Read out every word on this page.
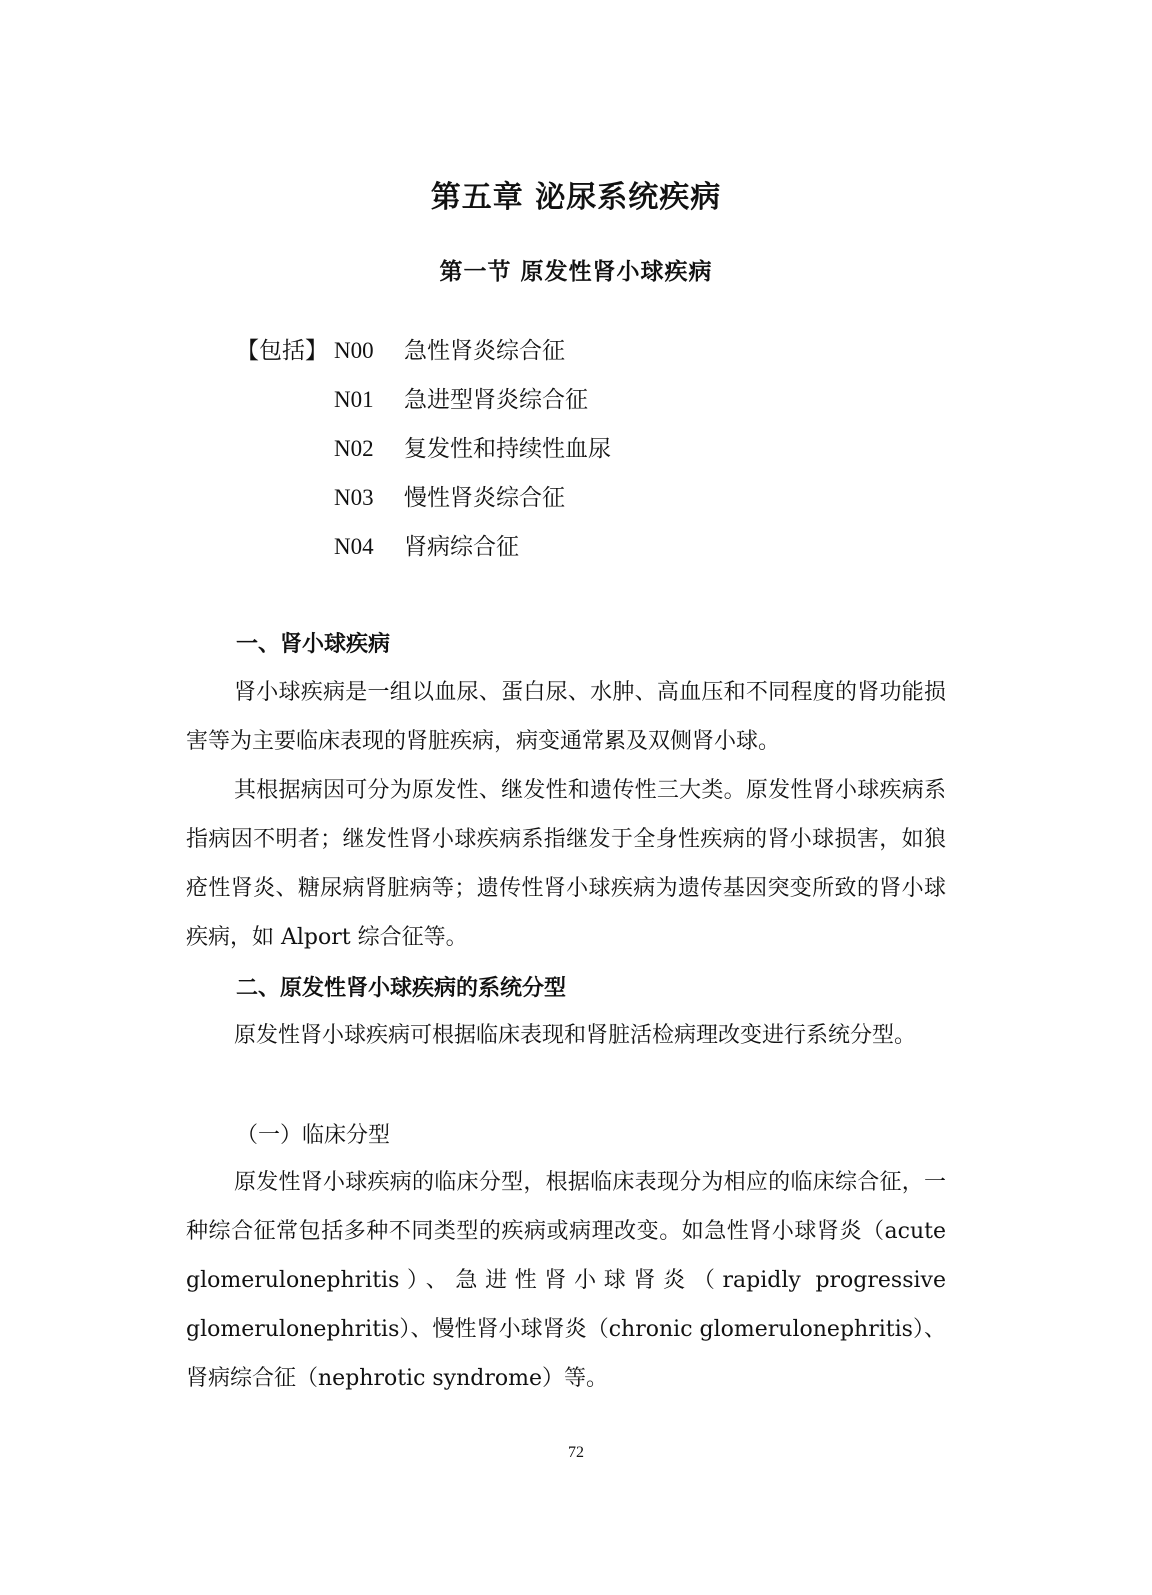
第五章 泌尿系统疾病
第一节 原发性肾小球疾病
【包括】 N00 急性肾炎综合征
N01 急进型肾炎综合征
N02 复发性和持续性血尿
N03 慢性肾炎综合征
N04 肾病综合征
一、肾小球疾病

肾小球疾病是一组以血尿、蛋白尿、水肿、高血压和不同程度的肾功能损害等为主要临床表现的肾脏疾病，病变通常累及双侧肾小球。

其根据病因可分为原发性、继发性和遗传性三大类。原发性肾小球疾病系指病因不明者；继发性肾小球疾病系指继发于全身性疾病的肾小球损害，如狼疮性肾炎、糖尿病肾脏病等；遗传性肾小球疾病为遗传基因突变所致的肾小球疾病，如 Alport 综合征等。

二、原发性肾小球疾病的系统分型

原发性肾小球疾病可根据临床表现和肾脏活检病理改变进行系统分型。

（一）临床分型

原发性肾小球疾病的临床分型，根据临床表现分为相应的临床综合征，一种综合征常包括多种不同类型的疾病或病理改变。如急性肾小球肾炎（acute glomerulonephritis）、急进性肾小球肾炎（rapidly progressive glomerulonephritis）、慢性肾小球肾炎（chronic glomerulonephritis）、肾病综合征（nephrotic syndrome）等。

72
